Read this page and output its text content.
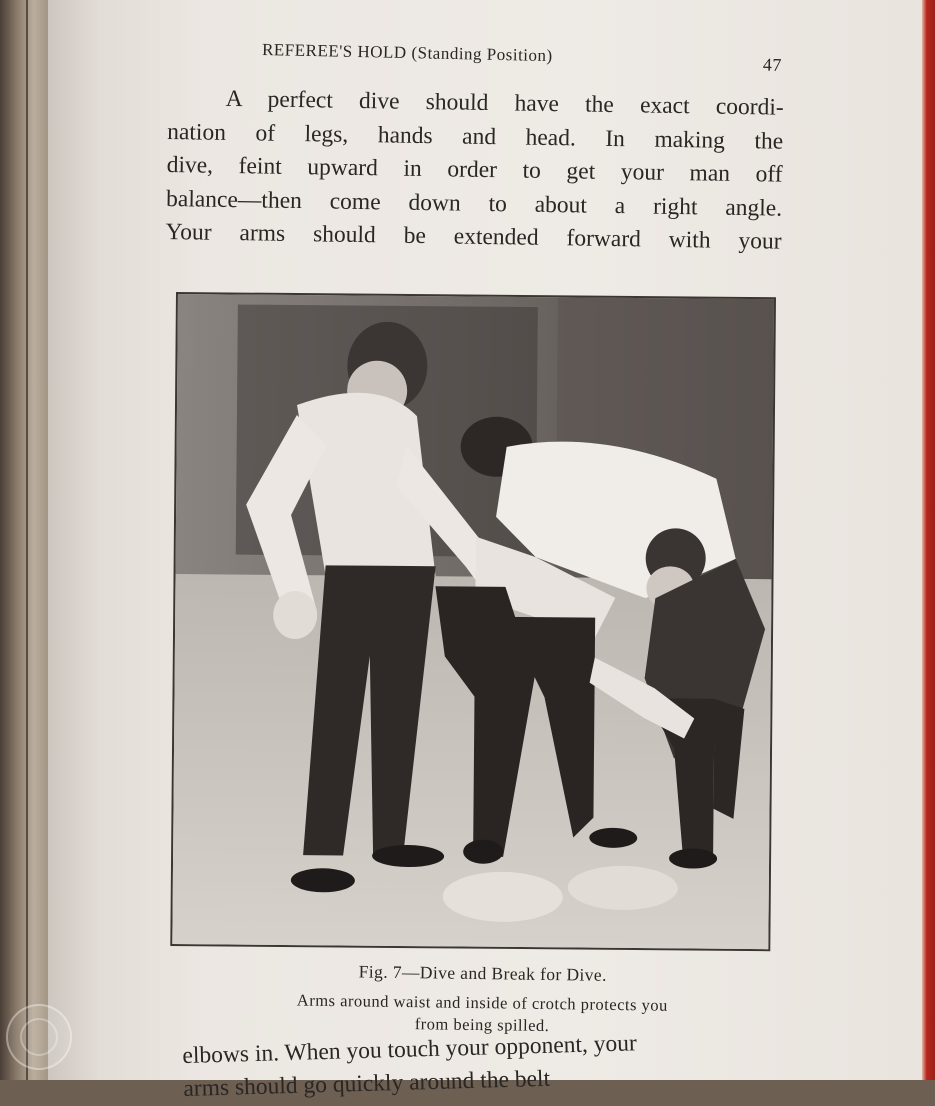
REFEREE'S HOLD (Standing Position)	47
A perfect dive should have the exact coordi-
nation of legs, hands and head. In making the
dive, feint upward in order to get your man off
balance—then come down to about a right angle.
Your arms should be extended forward with your
Fig. 7—Dive and Break for Dive.
Arms around waist and inside of crotch protects you
from being spilled.
elbows in. When you touch your opponent, your
arms should go quickly around the belt
